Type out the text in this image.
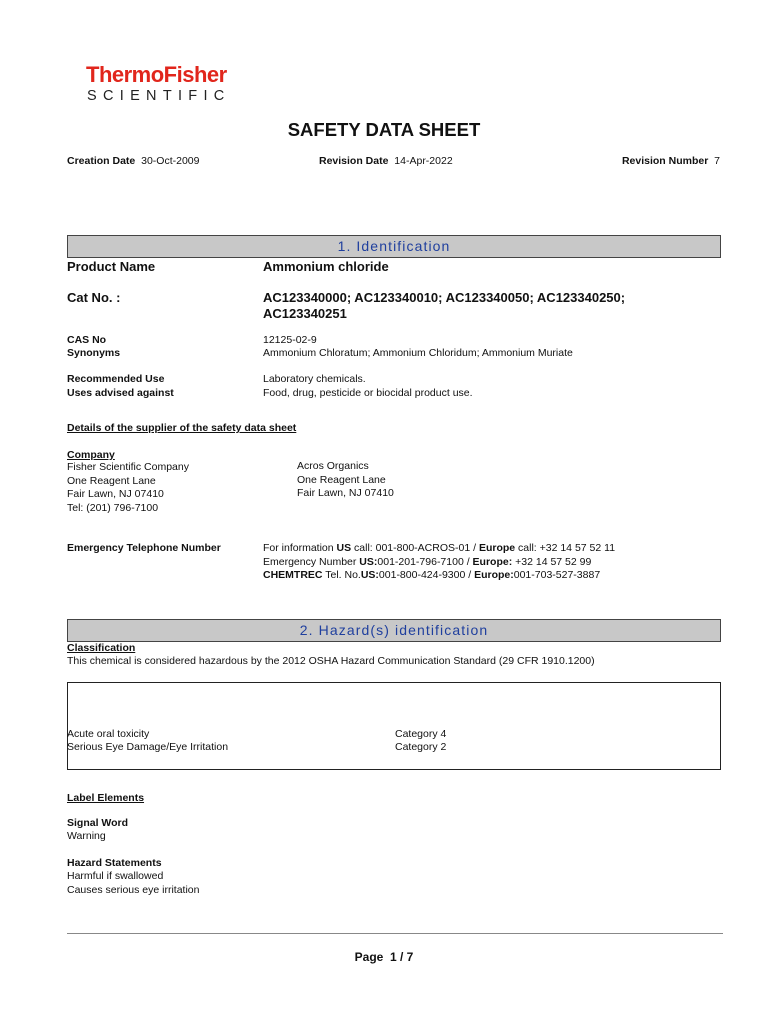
ThermoFisher
SCIENTIFIC
SAFETY DATA SHEET
Creation Date 30-Oct-2009	Revision Date 14-Apr-2022	Revision Number 7
1. Identification
Product Name	Ammonium chloride
Cat No. :	AC123340000; AC123340010; AC123340050; AC123340250;
AC123340251
CAS No	12125-02-9
Synonyms	Ammonium Chloratum; Ammonium Chloridum; Ammonium Muriate
Recommended Use	Laboratory chemicals.
Uses advised against	Food, drug, pesticide or biocidal product use.
Details of the supplier of the safety data sheet
Company
Fisher Scientific Company
One Reagent Lane
Fair Lawn, NJ 07410
Tel: (201) 796-7100
Acros Organics
One Reagent Lane
Fair Lawn, NJ 07410
Emergency Telephone Number	For information US call: 001-800-ACROS-01 / Europe call: +32 14 57 52 11
Emergency Number US:001-201-796-7100 / Europe: +32 14 57 52 99
CHEMTREC Tel. No.US:001-800-424-9300 / Europe:001-703-527-3887
2. Hazard(s) identification
Classification
This chemical is considered hazardous by the 2012 OSHA Hazard Communication Standard (29 CFR 1910.1200)
Acute oral toxicity	Category 4
Serious Eye Damage/Eye Irritation	Category 2
Label Elements
Signal Word
Warning
Hazard Statements
Harmful if swallowed
Causes serious eye irritation
Page 1 / 7
